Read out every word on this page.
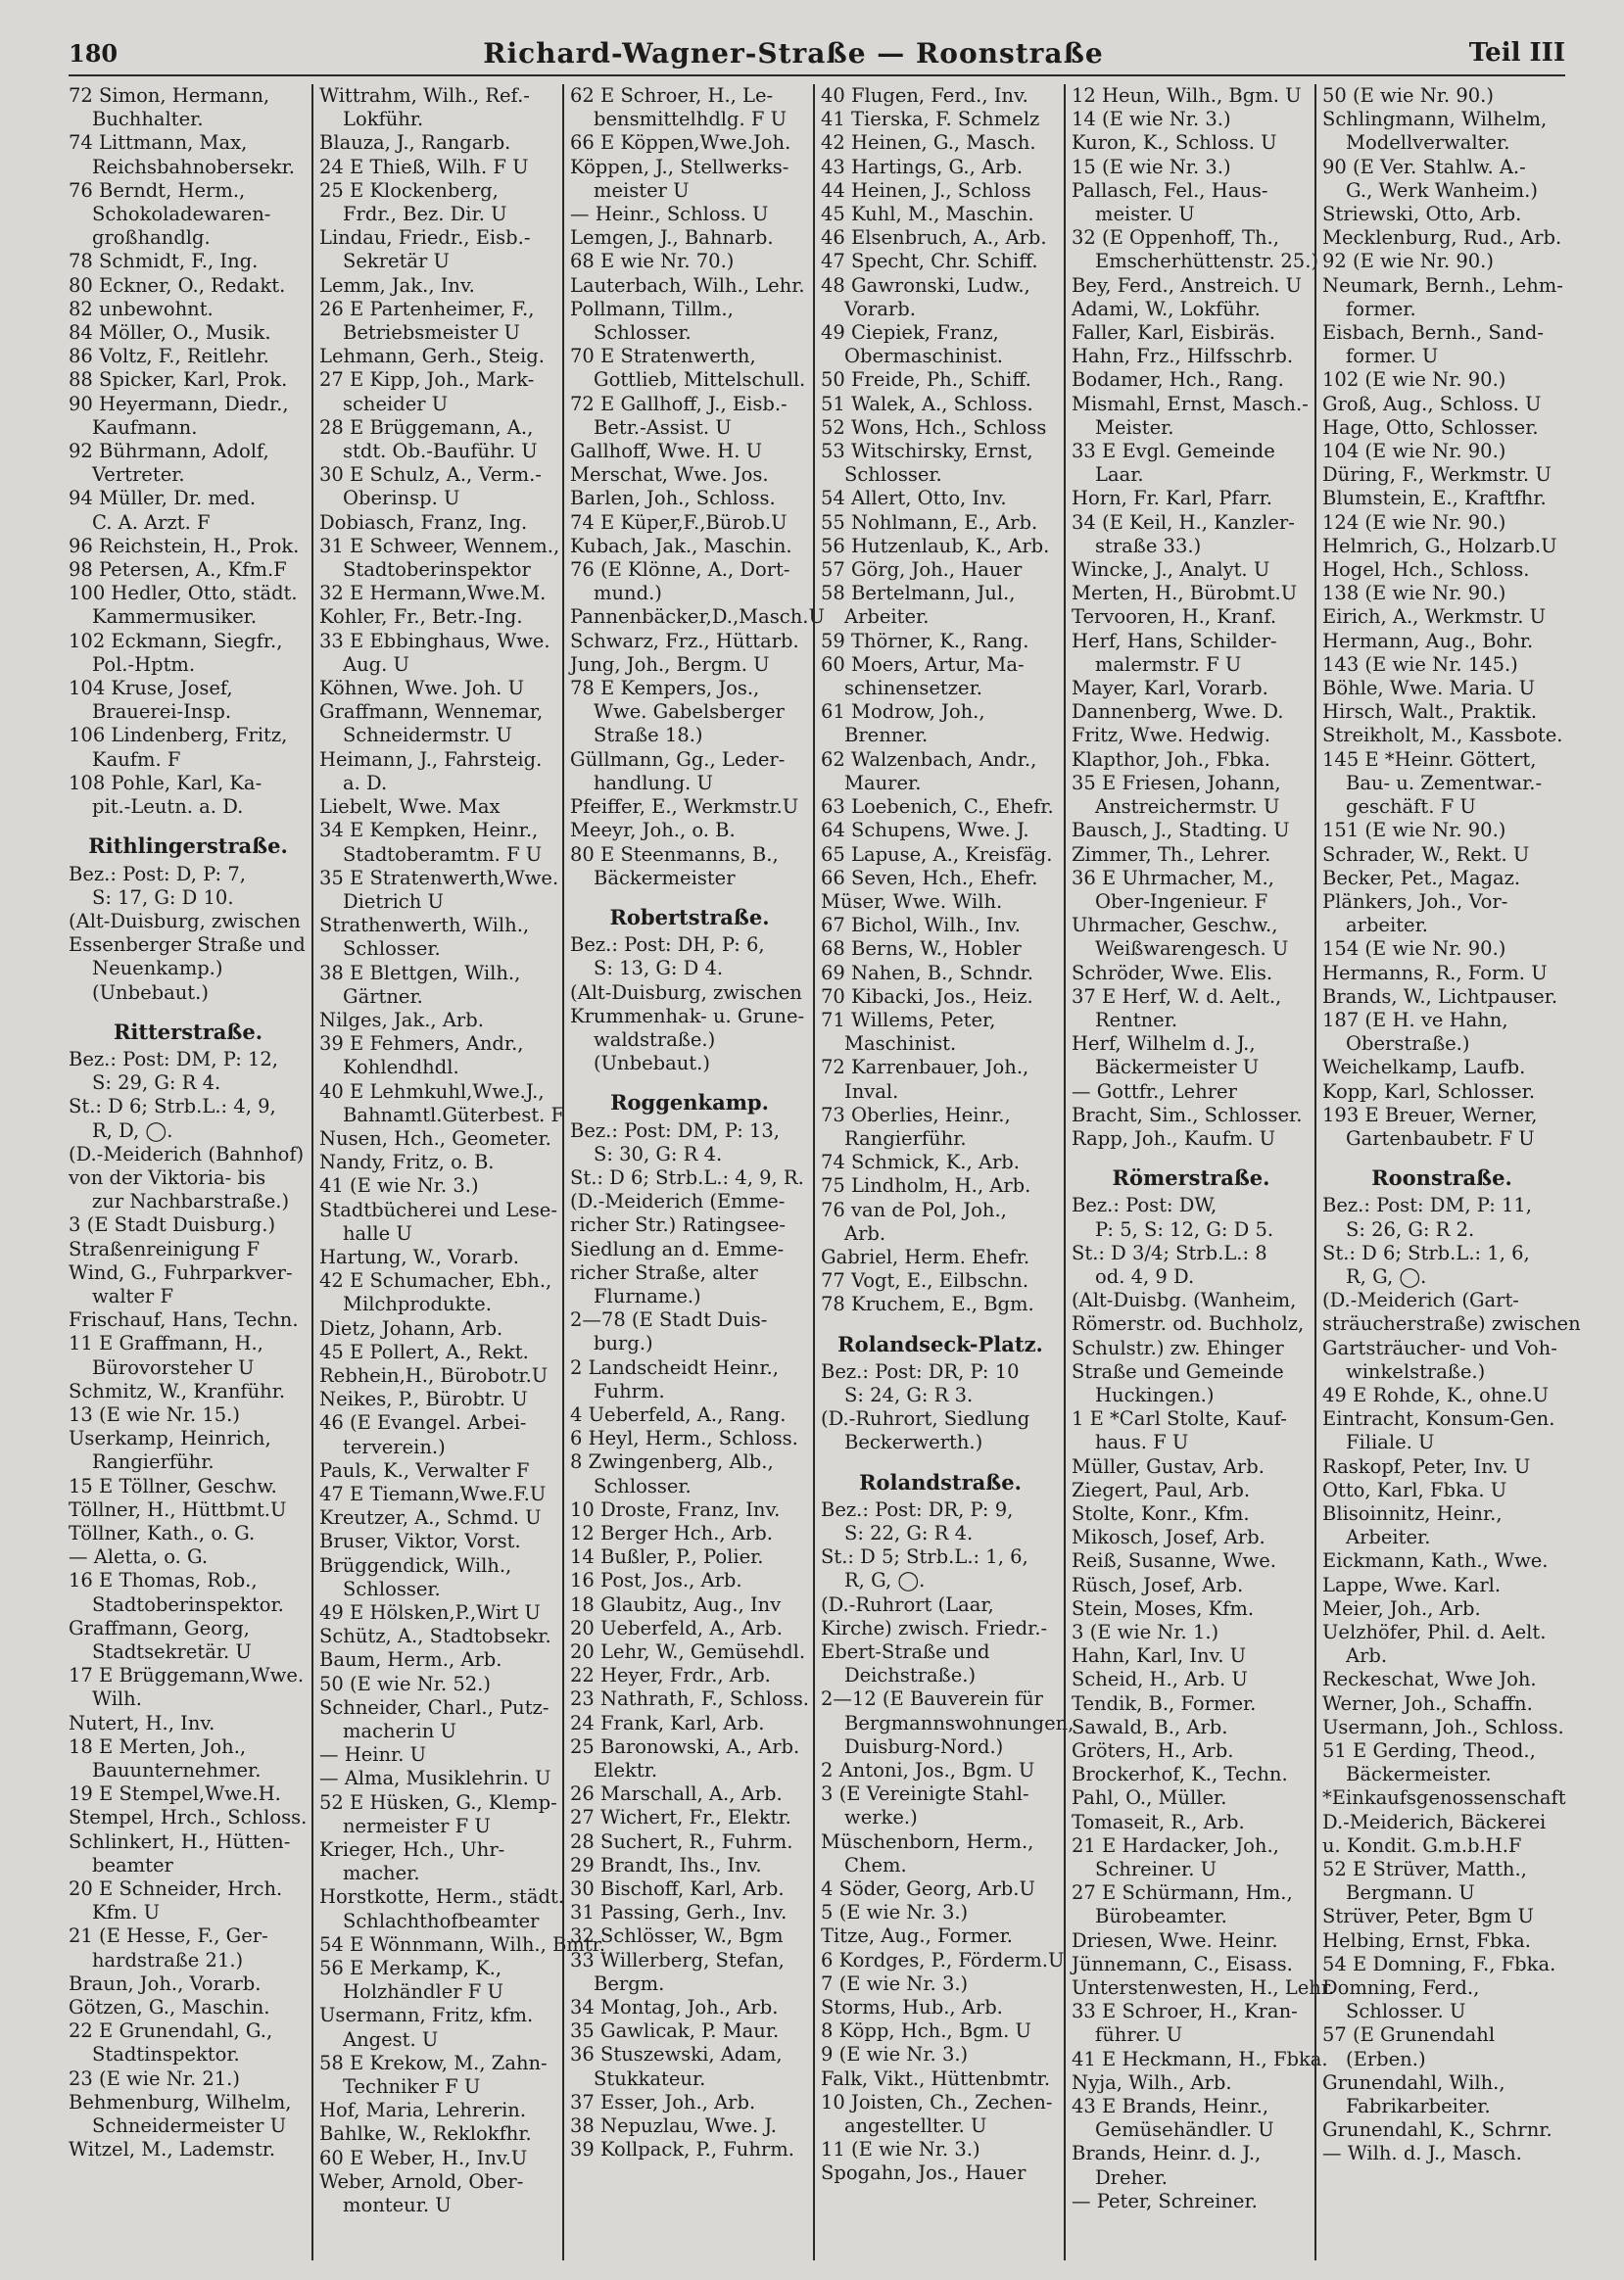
180	Richard-Wagner-Straße — Roonstraße	Teil III
72 Simon, Hermann,
Buchhalter.
74 Littmann, Max,
Reichsbahnobersekr.
76 Berndt, Herm.,
Schokoladewaren-
großhandlg.
78 Schmidt, F., Ing.
80 Eckner, O., Redakt.
82 unbewohnt.
84 Möller, O., Musik.
86 Voltz, F., Reitlehr.
88 Spicker, Karl, Prok.
90 Heyermann, Diedr.,
Kaufmann.
92 Bührmann, Adolf,
Vertreter.
94 Müller, Dr. med.
C. A. Arzt. F
96 Reichstein, H., Prok.
98 Petersen, A., Kfm.F
100 Hedler, Otto, städt.
Kammermusiker.
102 Eckmann, Siegfr.,
Pol.-Hptm.
104 Kruse, Josef,
Brauerei-Insp.
106 Lindenberg, Fritz,
Kaufm. F
108 Pohle, Karl, Ka-
pit.-Leutn. a. D.
Rithlingerstraße.
Bez.: Post: D, P: 7,
S: 17, G: D 10.
(Alt-Duisburg, zwischen
Essenberger Straße und
Neuenkamp.)
(Unbebaut.)
Ritterstraße.
Bez.: Post: DM, P: 12,
S: 29, G: R 4.
St.: D 6; Strb.L.: 4, 9,
R, D, ◯.
(D.-Meiderich (Bahnhof)
von der Viktoria- bis
zur Nachbarstraße.)
3 (E Stadt Duisburg.)
Straßenreinigung F
Wind, G., Fuhrparkver-
walter F
Frischauf, Hans, Techn.
11 E Graffmann, H.,
Bürovorsteher U
Schmitz, W., Kranführ.
13 (E wie Nr. 15.)
Userkamp, Heinrich,
Rangierführ.
15 E Töllner, Geschw.
Töllner, H., Hüttbmt.U
Töllner, Kath., o. G.
— Aletta, o. G.
16 E Thomas, Rob.,
Stadtoberinspektor.
Graffmann, Georg,
Stadtsekretär. U
17 E Brüggemann,Wwe.
Wilh.
Nutert, H., Inv.
18 E Merten, Joh.,
Bauunternehmer.
19 E Stempel,Wwe.H.
Stempel, Hrch., Schloss.
Schlinkert, H., Hütten-
beamter
20 E Schneider, Hrch.
Kfm. U
21 (E Hesse, F., Ger-
hardstraße 21.)
Braun, Joh., Vorarb.
Götzen, G., Maschin.
22 E Grunendahl, G.,
Stadtinspektor.
23 (E wie Nr. 21.)
Behmenburg, Wilhelm,
Schneidermeister U
Witzel, M., Lademstr.
Wittrahm, Wilh., Ref.-
Lokführ.
Blauza, J., Rangarb.
24 E Thieß, Wilh. F U
25 E Klockenberg,
Frdr., Bez. Dir. U
Lindau, Friedr., Eisb.-
Sekretär U
Lemm, Jak., Inv.
26 E Partenheimer, F.,
Betriebsmeister U
Lehmann, Gerh., Steig.
27 E Kipp, Joh., Mark-
scheider U
28 E Brüggemann, A.,
stdt. Ob.-Bauführ. U
30 E Schulz, A., Verm.-
Oberinsp. U
Dobiasch, Franz, Ing.
31 E Schweer, Wennem.,
Stadtoberinspektor
32 E Hermann,Wwe.M.
Kohler, Fr., Betr.-Ing.
33 E Ebbinghaus, Wwe.
Aug. U
Köhnen, Wwe. Joh. U
Graffmann, Wennemar,
Schneidermstr. U
Heimann, J., Fahrsteig.
a. D.
Liebelt, Wwe. Max
34 E Kempken, Heinr.,
Stadtoberamtm. F U
35 E Stratenwerth,Wwe.
Dietrich U
Strathenwerth, Wilh.,
Schlosser.
38 E Blettgen, Wilh.,
Gärtner.
Nilges, Jak., Arb.
39 E Fehmers, Andr.,
Kohlendhdl.
40 E Lehmkuhl,Wwe.J.,
Bahnamtl.Güterbest. F
Nusen, Hch., Geometer.
Nandy, Fritz, o. B.
41 (E wie Nr. 3.)
Stadtbücherei und Lese-
halle U
Hartung, W., Vorarb.
42 E Schumacher, Ebh.,
Milchprodukte.
Dietz, Johann, Arb.
45 E Pollert, A., Rekt.
Rebhein,H., Bürobotr.U
Neikes, P., Bürobtr. U
46 (E Evangel. Arbei-
terverein.)
Pauls, K., Verwalter F
47 E Tiemann,Wwe.F.U
Kreutzer, A., Schmd. U
Bruser, Viktor, Vorst.
Brüggendick, Wilh.,
Schlosser.
49 E Hölsken,P.,Wirt U
Schütz, A., Stadtobsekr.
Baum, Herm., Arb.
50 (E wie Nr. 52.)
Schneider, Charl., Putz-
macherin U
— Heinr. U
— Alma, Musiklehrin. U
52 E Hüsken, G., Klemp-
nermeister F U
Krieger, Hch., Uhr-
macher.
Horstkotte, Herm., städt.
Schlachthofbeamter
54 E Wönnmann, Wilh., Bmtr.
56 E Merkamp, K.,
Holzhändler F U
Usermann, Fritz, kfm.
Angest. U
58 E Krekow, M., Zahn-
Techniker F U
Hof, Maria, Lehrerin.
Bahlke, W., Reklokfhr.
60 E Weber, H., Inv.U
Weber, Arnold, Ober-
monteur. U
62 E Schroer, H., Le-
bensmittelhdlg. F U
66 E Köppen,Wwe.Joh.
Köppen, J., Stellwerks-
meister U
— Heinr., Schloss. U
Lemgen, J., Bahnarb.
68 E wie Nr. 70.)
Lauterbach, Wilh., Lehr.
Pollmann, Tillm.,
Schlosser.
70 E Stratenwerth,
Gottlieb, Mittelschull.
72 E Gallhoff, J., Eisb.-
Betr.-Assist. U
Gallhoff, Wwe. H. U
Merschat, Wwe. Jos.
Barlen, Joh., Schloss.
74 E Küper,F.,Bürob.U
Kubach, Jak., Maschin.
76 (E Klönne, A., Dort-
mund.)
Pannenbäcker,D.,Masch.U
Schwarz, Frz., Hüttarb.
Jung, Joh., Bergm. U
78 E Kempers, Jos.,
Wwe. Gabelsberger
Straße 18.)
Güllmann, Gg., Leder-
handlung. U
Pfeiffer, E., Werkmstr.U
Meeyr, Joh., o. B.
80 E Steenmanns, B.,
Bäckermeister
Robertstraße.
Bez.: Post: DH, P: 6,
S: 13, G: D 4.
(Alt-Duisburg, zwischen
Krummenhak- u. Grune-
waldstraße.)
(Unbebaut.)
Roggenkamp.
Bez.: Post: DM, P: 13,
S: 30, G: R 4.
St.: D 6; Strb.L.: 4, 9, R.
(D.-Meiderich (Emme-
richer Str.) Ratingsee-
Siedlung an d. Emme-
richer Straße, alter
Flurname.)
2—78 (E Stadt Duis-
burg.)
2 Landscheidt Heinr.,
Fuhrm.
4 Ueberfeld, A., Rang.
6 Heyl, Herm., Schloss.
8 Zwingenberg, Alb.,
Schlosser.
10 Droste, Franz, Inv.
12 Berger Hch., Arb.
14 Bußler, P., Polier.
16 Post, Jos., Arb.
18 Glaubitz, Aug., Inv
20 Ueberfeld, A., Arb.
20 Lehr, W., Gemüsehdl.
22 Heyer, Frdr., Arb.
23 Nathrath, F., Schloss.
24 Frank, Karl, Arb.
25 Baronowski, A., Arb.
Elektr.
26 Marschall, A., Arb.
27 Wichert, Fr., Elektr.
28 Suchert, R., Fuhrm.
29 Brandt, Ihs., Inv.
30 Bischoff, Karl, Arb.
31 Passing, Gerh., Inv.
32 Schlösser, W., Bgm
33 Willerberg, Stefan,
Bergm.
34 Montag, Joh., Arb.
35 Gawlicak, P. Maur.
36 Stuszewski, Adam,
Stukkateur.
37 Esser, Joh., Arb.
38 Nepuzlau, Wwe. J.
39 Kollpack, P., Fuhrm.
40 Flugen, Ferd., Inv.
41 Tierska, F. Schmelz
42 Heinen, G., Masch.
43 Hartings, G., Arb.
44 Heinen, J., Schloss
45 Kuhl, M., Maschin.
46 Elsenbruch, A., Arb.
47 Specht, Chr. Schiff.
48 Gawronski, Ludw.,
Vorarb.
49 Ciepiek, Franz,
Obermaschinist.
50 Freide, Ph., Schiff.
51 Walek, A., Schloss.
52 Wons, Hch., Schloss
53 Witschirsky, Ernst,
Schlosser.
54 Allert, Otto, Inv.
55 Nohlmann, E., Arb.
56 Hutzenlaub, K., Arb.
57 Görg, Joh., Hauer
58 Bertelmann, Jul.,
Arbeiter.
59 Thörner, K., Rang.
60 Moers, Artur, Ma-
schinensetzer.
61 Modrow, Joh.,
Brenner.
62 Walzenbach, Andr.,
Maurer.
63 Loebenich, C., Ehefr.
64 Schupens, Wwe. J.
65 Lapuse, A., Kreisfäg.
66 Seven, Hch., Ehefr.
Müser, Wwe. Wilh.
67 Bichol, Wilh., Inv.
68 Berns, W., Hobler
69 Nahen, B., Schndr.
70 Kibacki, Jos., Heiz.
71 Willems, Peter,
Maschinist.
72 Karrenbauer, Joh.,
Inval.
73 Oberlies, Heinr.,
Rangierführ.
74 Schmick, K., Arb.
75 Lindholm, H., Arb.
76 van de Pol, Joh.,
Arb.
Gabriel, Herm. Ehefr.
77 Vogt, E., Eilbschn.
78 Kruchem, E., Bgm.
Rolandseck-Platz.
Bez.: Post: DR, P: 10
S: 24, G: R 3.
(D.-Ruhrort, Siedlung
Beckerwerth.)
Rolandstraße.
Bez.: Post: DR, P: 9,
S: 22, G: R 4.
St.: D 5; Strb.L.: 1, 6,
R, G, ◯.
(D.-Ruhrort (Laar,
Kirche) zwisch. Friedr.-
Ebert-Straße und
Deichstraße.)
2—12 (E Bauverein für
Bergmannswohnungen,
Duisburg-Nord.)
2 Antoni, Jos., Bgm. U
3 (E Vereinigte Stahl-
werke.)
Müschenborn, Herm.,
Chem.
4 Söder, Georg, Arb.U
5 (E wie Nr. 3.)
Titze, Aug., Former.
6 Kordges, P., Förderm.U
7 (E wie Nr. 3.)
Storms, Hub., Arb.
8 Köpp, Hch., Bgm. U
9 (E wie Nr. 3.)
Falk, Vikt., Hüttenbmtr.
10 Joisten, Ch., Zechen-
angestellter. U
11 (E wie Nr. 3.)
Spogahn, Jos., Hauer
12 Heun, Wilh., Bgm. U
14 (E wie Nr. 3.)
Kuron, K., Schloss. U
15 (E wie Nr. 3.)
Pallasch, Fel., Haus-
meister. U
32 (E Oppenhoff, Th.,
Emscherhüttenstr. 25.)
Bey, Ferd., Anstreich. U
Adami, W., Lokführ.
Faller, Karl, Eisbiräs.
Hahn, Frz., Hilfsschrb.
Bodamer, Hch., Rang.
Mismahl, Ernst, Masch.-
Meister.
33 E Evgl. Gemeinde
Laar.
Horn, Fr. Karl, Pfarr.
34 (E Keil, H., Kanzler-
straße 33.)
Wincke, J., Analyt. U
Merten, H., Bürobmt.U
Tervooren, H., Kranf.
Herf, Hans, Schilder-
malermstr. F U
Mayer, Karl, Vorarb.
Dannenberg, Wwe. D.
Fritz, Wwe. Hedwig.
Klapthor, Joh., Fbka.
35 E Friesen, Johann,
Anstreichermstr. U
Bausch, J., Stadting. U
Zimmer, Th., Lehrer.
36 E Uhrmacher, M.,
Ober-Ingenieur. F
Uhrmacher, Geschw.,
Weißwarengesch. U
Schröder, Wwe. Elis.
37 E Herf, W. d. Aelt.,
Rentner.
Herf, Wilhelm d. J.,
Bäckermeister U
— Gottfr., Lehrer
Bracht, Sim., Schlosser.
Rapp, Joh., Kaufm. U
Römerstraße.
Bez.: Post: DW,
P: 5, S: 12, G: D 5.
St.: D 3/4; Strb.L.: 8
od. 4, 9 D.
(Alt-Duisbg. (Wanheim,
Römerstr. od. Buchholz,
Schulstr.) zw. Ehinger
Straße und Gemeinde
Huckingen.)
1 E *Carl Stolte, Kauf-
haus. F U
Müller, Gustav, Arb.
Ziegert, Paul, Arb.
Stolte, Konr., Kfm.
Mikosch, Josef, Arb.
Reiß, Susanne, Wwe.
Rüsch, Josef, Arb.
Stein, Moses, Kfm.
3 (E wie Nr. 1.)
Hahn, Karl, Inv. U
Scheid, H., Arb. U
Tendik, B., Former.
Sawald, B., Arb.
Gröters, H., Arb.
Brockerhof, K., Techn.
Pahl, O., Müller.
Tomaseit, R., Arb.
21 E Hardacker, Joh.,
Schreiner. U
27 E Schürmann, Hm.,
Bürobeamter.
Driesen, Wwe. Heinr.
Jünnemann, C., Eisass.
Unterstenwesten, H., Lehr.
33 E Schroer, H., Kran-
führer. U
41 E Heckmann, H., Fbka.
Nyja, Wilh., Arb.
43 E Brands, Heinr.,
Gemüsehändler. U
Brands, Heinr. d. J.,
Dreher.
— Peter, Schreiner.
50 (E wie Nr. 90.)
Schlingmann, Wilhelm,
Modellverwalter.
90 (E Ver. Stahlw. A.-
G., Werk Wanheim.)
Striewski, Otto, Arb.
Mecklenburg, Rud., Arb.
92 (E wie Nr. 90.)
Neumark, Bernh., Lehm-
former.
Eisbach, Bernh., Sand-
former. U
102 (E wie Nr. 90.)
Groß, Aug., Schloss. U
Hage, Otto, Schlosser.
104 (E wie Nr. 90.)
Düring, F., Werkmstr. U
Blumstein, E., Kraftfhr.
124 (E wie Nr. 90.)
Helmrich, G., Holzarb.U
Hogel, Hch., Schloss.
138 (E wie Nr. 90.)
Eirich, A., Werkmstr. U
Hermann, Aug., Bohr.
143 (E wie Nr. 145.)
Böhle, Wwe. Maria. U
Hirsch, Walt., Praktik.
Streikholt, M., Kassbote.
145 E *Heinr. Göttert,
Bau- u. Zementwar.-
geschäft. F U
151 (E wie Nr. 90.)
Schrader, W., Rekt. U
Becker, Pet., Magaz.
Plänkers, Joh., Vor-
arbeiter.
154 (E wie Nr. 90.)
Hermanns, R., Form. U
Brands, W., Lichtpauser.
187 (E H. ve Hahn,
Oberstraße.)
Weichelkamp, Laufb.
Kopp, Karl, Schlosser.
193 E Breuer, Werner,
Gartenbaubetr. F U
Roonstraße.
Bez.: Post: DM, P: 11,
S: 26, G: R 2.
St.: D 6; Strb.L.: 1, 6,
R, G, ◯.
(D.-Meiderich (Gart-
sträucherstraße) zwischen
Gartsträucher- und Voh-
winkelstraße.)
49 E Rohde, K., ohne.U
Eintracht, Konsum-Gen.
Filiale. U
Raskopf, Peter, Inv. U
Otto, Karl, Fbka. U
Blisoinnitz, Heinr.,
Arbeiter.
Eickmann, Kath., Wwe.
Lappe, Wwe. Karl.
Meier, Joh., Arb.
Uelzhöfer, Phil. d. Aelt.
Arb.
Reckeschat, Wwe Joh.
Werner, Joh., Schaffn.
Usermann, Joh., Schloss.
51 E Gerding, Theod.,
Bäckermeister.
*Einkaufsgenossenschaft
D.-Meiderich, Bäckerei
u. Kondit. G.m.b.H.F
52 E Strüver, Matth.,
Bergmann. U
Strüver, Peter, Bgm U
Helbing, Ernst, Fbka.
54 E Domning, F., Fbka.
Domning, Ferd.,
Schlosser. U
57 (E Grunendahl
(Erben.)
Grunendahl, Wilh.,
Fabrikarbeiter.
Grunendahl, K., Schrnr.
— Wilh. d. J., Masch.
